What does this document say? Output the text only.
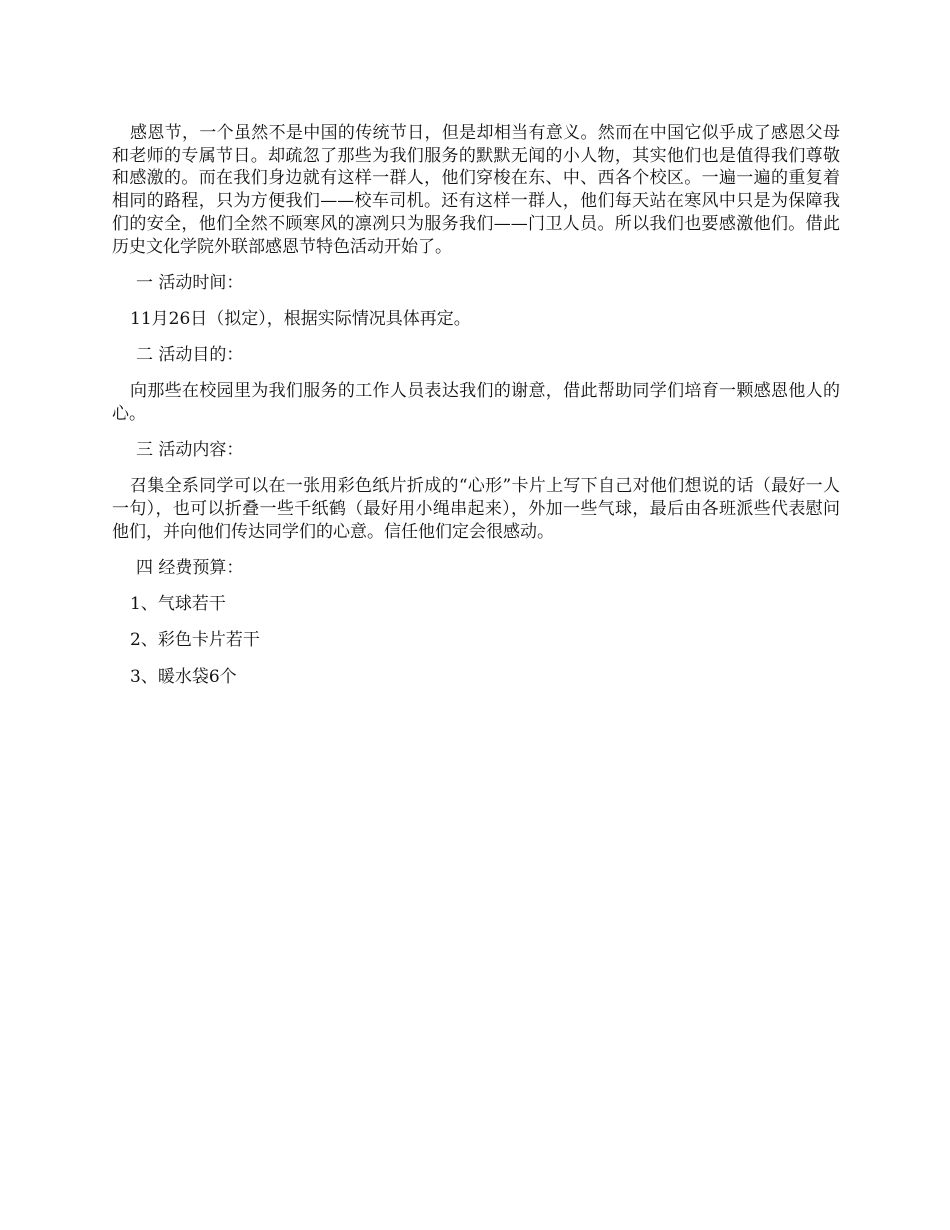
感恩节，一个虽然不是中国的传统节日，但是却相当有意义。然而在中国它似乎成了感恩父母和老师的专属节日。却疏忽了那些为我们服务的默默无闻的小人物，其实他们也是值得我们尊敬和感激的。而在我们身边就有这样一群人，他们穿梭在东、中、西各个校区。一遍一遍的重复着相同的路程，只为方便我们——校车司机。还有这样一群人，他们每天站在寒风中只是为保障我们的安全，他们全然不顾寒风的凛冽只为服务我们——门卫人员。所以我们也要感激他们。借此历史文化学院外联部感恩节特色活动开始了。

一 活动时间：

11月26日（拟定），根据实际情况具体再定。

二 活动目的：

向那些在校园里为我们服务的工作人员表达我们的谢意，借此帮助同学们培育一颗感恩他人的心。

三 活动内容：

召集全系同学可以在一张用彩色纸片折成的“心形”卡片上写下自己对他们想说的话（最好一人一句），也可以折叠一些千纸鹤（最好用小绳串起来），外加一些气球，最后由各班派些代表慰问他们，并向他们传达同学们的心意。信任他们定会很感动。

四 经费预算：

1、气球若干

2、彩色卡片若干

3、暖水袋6个
